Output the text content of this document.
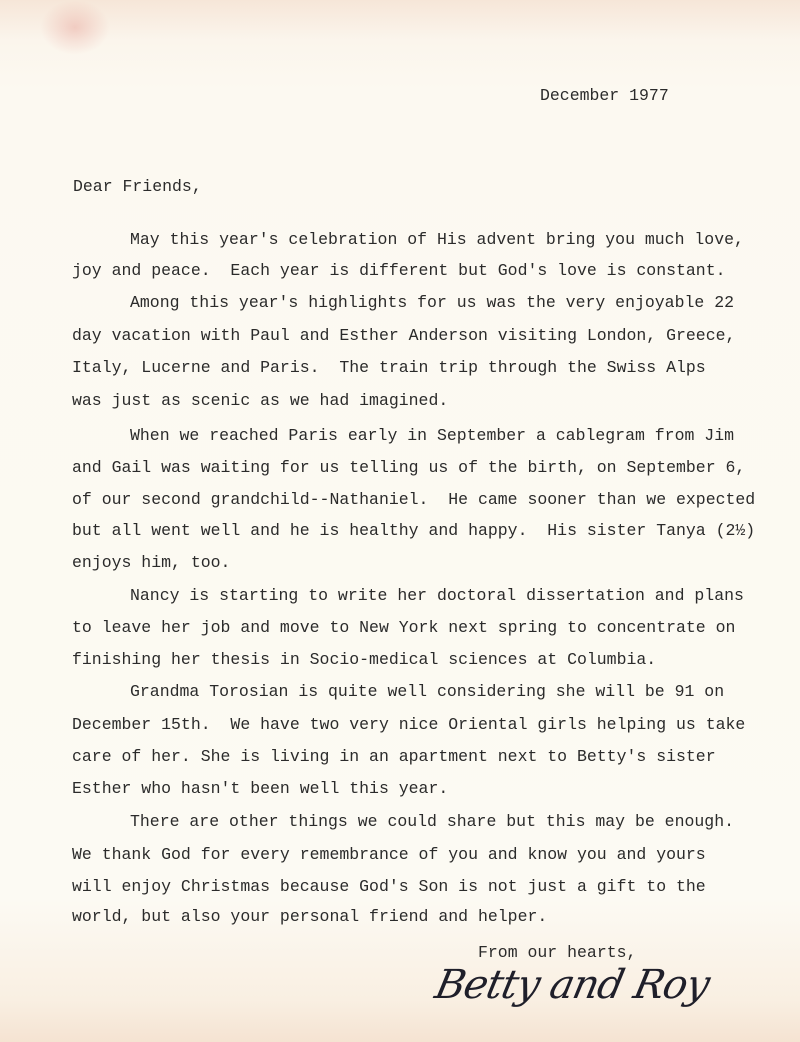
December 1977
Dear Friends,
May this year's celebration of His advent bring you much love,
joy and peace.  Each year is different but God's love is constant.
Among this year's highlights for us was the very enjoyable 22
day vacation with Paul and Esther Anderson visiting London, Greece,
Italy, Lucerne and Paris.  The train trip through the Swiss Alps
was just as scenic as we had imagined.
When we reached Paris early in September a cablegram from Jim
and Gail was waiting for us telling us of the birth, on September 6,
of our second grandchild--Nathaniel.  He came sooner than we expected
but all went well and he is healthy and happy.  His sister Tanya (2½)
enjoys him, too.
Nancy is starting to write her doctoral dissertation and plans
to leave her job and move to New York next spring to concentrate on
finishing her thesis in Socio-medical sciences at Columbia.
Grandma Torosian is quite well considering she will be 91 on
December 15th.  We have two very nice Oriental girls helping us take
care of her. She is living in an apartment next to Betty's sister
Esther who hasn't been well this year.
There are other things we could share but this may be enough.
We thank God for every remembrance of you and know you and yours
will enjoy Christmas because God's Son is not just a gift to the
world, but also your personal friend and helper.
From our hearts,
Betty and Roy
